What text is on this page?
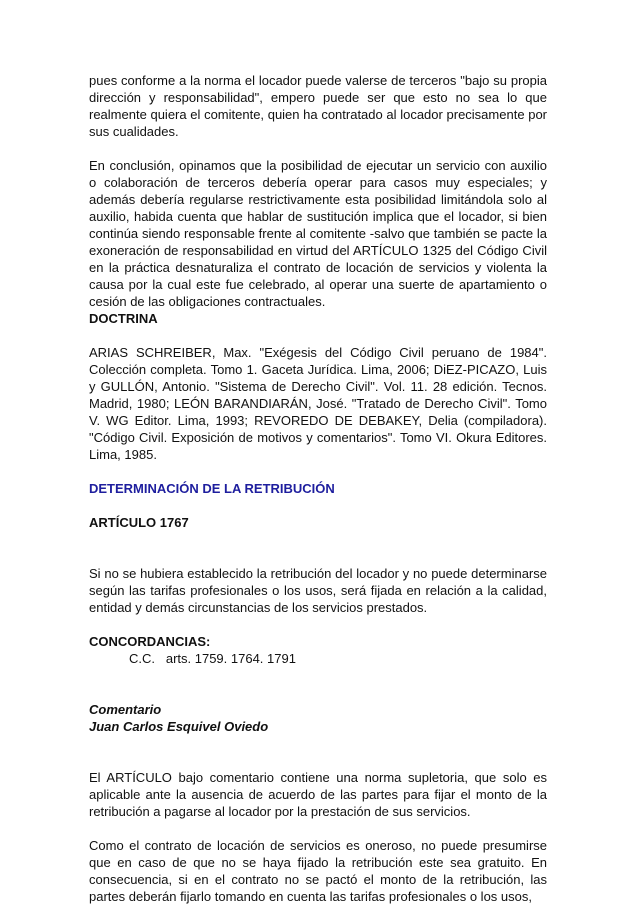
pues conforme a la norma el locador puede valerse de terceros "bajo su propia dirección y responsabilidad", empero puede ser que esto no sea lo que realmente quiera el comitente, quien ha contratado al locador precisamente por sus cualidades.

En conclusión, opinamos que la posibilidad de ejecutar un servicio con auxilio o colaboración de terceros debería operar para casos muy especiales; y además debería regularse restrictivamente esta posibilidad limitándola solo al auxilio, habida cuenta que hablar de sustitución implica que el locador, si bien continúa siendo responsable frente al comitente -salvo que también se pacte la exoneración de responsabilidad en virtud del ARTÍCULO 1325 del Código Civil en la práctica desnaturaliza el contrato de locación de servicios y violenta la causa por la cual este fue celebrado, al operar una suerte de apartamiento o cesión de las obligaciones contractuales.

DOCTRINA

ARIAS SCHREIBER, Max. "Exégesis del Código Civil peruano de 1984". Colección completa. Tomo 1. Gaceta Jurídica. Lima, 2006; DiEZ-PICAZO, Luis y GULLÓN, Antonio. "Sistema de Derecho Civil". Vol. 11. 28 edición. Tecnos. Madrid, 1980; LEÓN BARANDIARÁN, José. "Tratado de Derecho Civil". Tomo V. WG Editor. Lima, 1993; REVOREDO DE DEBAKEY, Delia (compiladora). "Código Civil. Exposición de motivos y comentarios". Tomo VI. Okura Editores. Lima, 1985.

DETERMINACIÓN DE LA RETRIBUCIÓN

ARTÍCULO 1767

Si no se hubiera establecido la retribución del locador y no puede determinarse según las tarifas profesionales o los usos, será fijada en relación a la calidad, entidad y demás circunstancias de los servicios prestados.

CONCORDANCIAS:

C.C.   arts. 1759. 1764. 1791

Comentario

Juan Carlos Esquivel Oviedo

El ARTÍCULO bajo comentario contiene una norma supletoria, que solo es aplicable ante la ausencia de acuerdo de las partes para fijar el monto de la retribución a pagarse al locador por la prestación de sus servicios.

Como el contrato de locación de servicios es oneroso, no puede presumirse que en caso de que no se haya fijado la retribución este sea gratuito. En consecuencia, si en el contrato no se pactó el monto de la retribución, las partes deberán fijarlo tomando en cuenta las tarifas profesionales o los usos,
